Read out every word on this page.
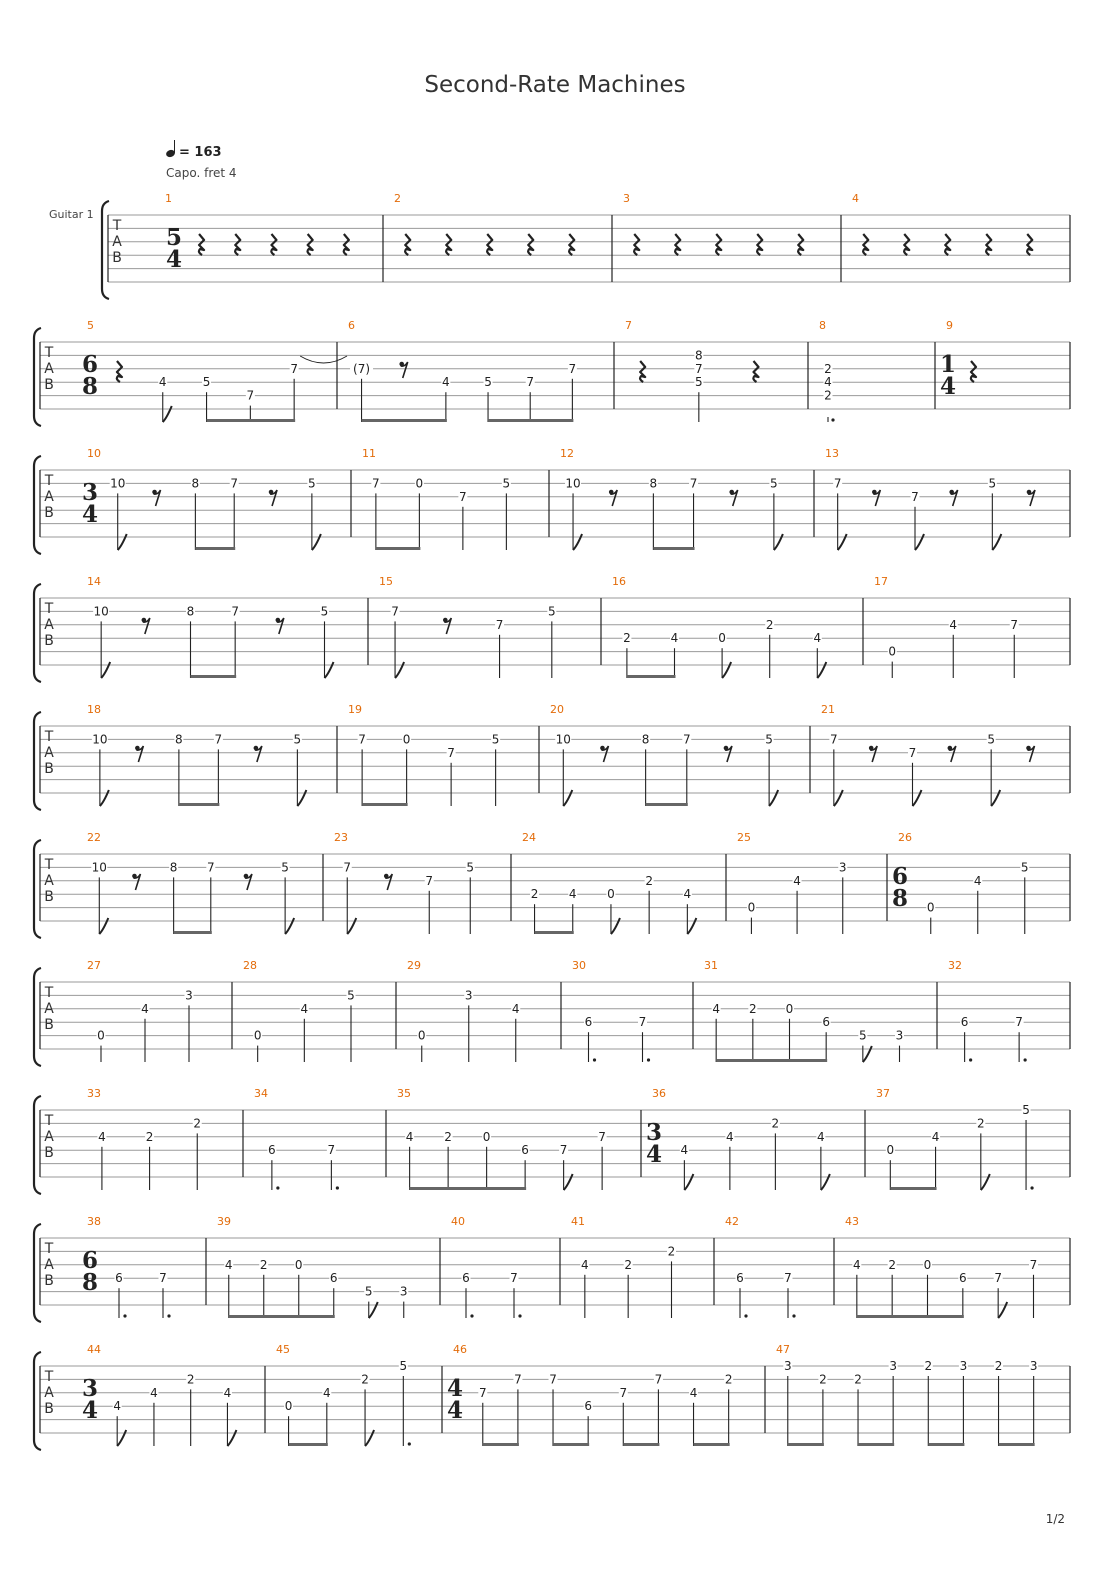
Second-Rate Machines
= 163
Capo. fret 4
Guitar 1
T
A
B
1
5
4
2	3	4
T
A
B
5
6
8	4	5
7
7
6
(7)
4	5	7
7
7
8
7
5
8
2
4
2
9
1
4
T
A
B
10
3
4
10	8	7	5
11
7	0
7
5
12
10	8	7	5
13
7
7
5
T
A
B
14
10	8	7	5
15
7
7
5
16
2	4	0
2
4
17
0
4	7
T
A
B
18
10	8	7	5
19
7	0
7
5
20
10	8	7	5
21
7
7
5
T
A
B
22
10	8 7	5
23
7
7
5
24
2	4	0
2
4
25
0
4
3
26
6
8 0
4
5
T
A
B
27
0
4
3
28
0
4
5
29
0
3
4
30
6	7
31
4 2 0
6
5 3
32
6	7
T
A
B
33
4	2
2
34
6	7
35
4	2	0
6	7
7
36
3
4 4
4
2
4
37
0
4
2
5
T
A
B
38
6
8 6	7
39
4 2 0
6
5 3
40
6	7
41
4	2
2
42
6	7
43
4 2 0
6 7
7
T
A
B
44
3
4 4
4
2
4
45
0
4
2
5
46
4
4
7
7 7
6
7
7
4
2
47
3
2 2
3 2 3 2 3
1/2
